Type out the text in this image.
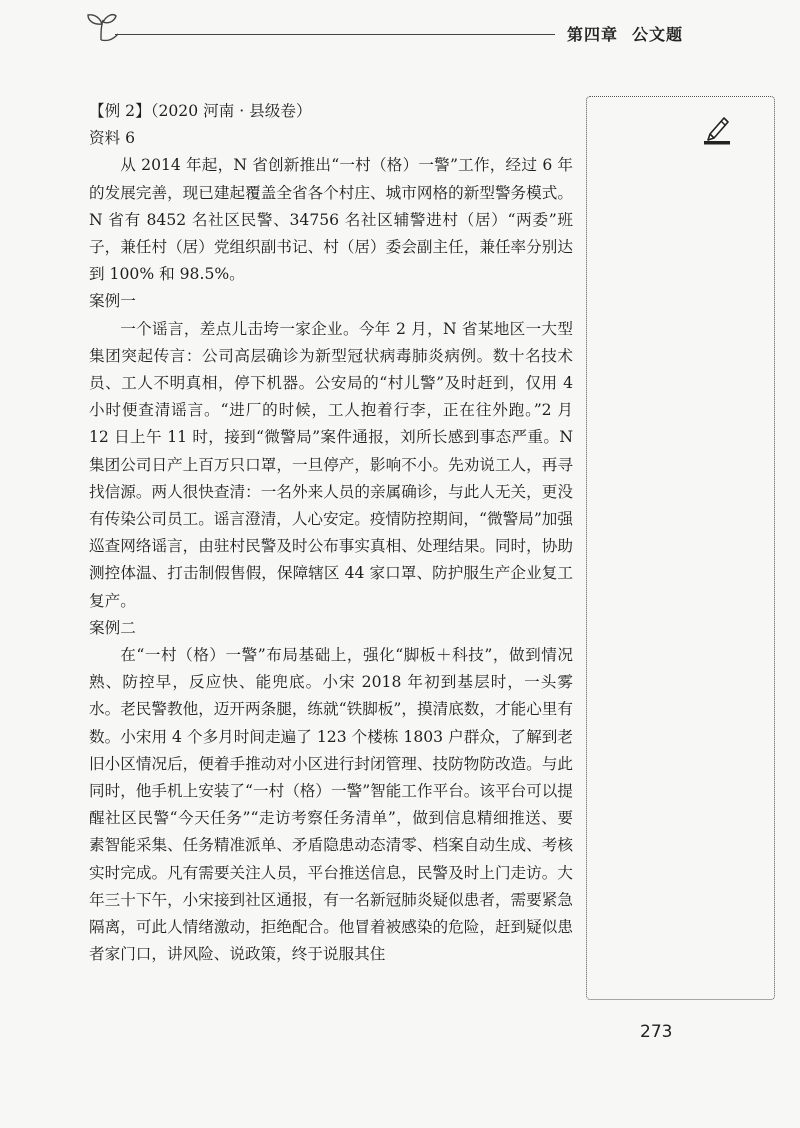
第四章 公文题

【例 2】（2020 河南 · 县级卷）

资料 6

从 2014 年起，N 省创新推出“一村（格）一警”工作，经过 6 年的发展完善，现已建起覆盖全省各个村庄、城市网格的新型警务模式。N 省有 8452 名社区民警、34756 名社区辅警进村（居）“两委”班子，兼任村（居）党组织副书记、村（居）委会副主任，兼任率分别达到 100% 和 98.5%。

案例一

一个谣言，差点儿击垮一家企业。今年 2 月，N 省某地区一大型集团突起传言：公司高层确诊为新型冠状病毒肺炎病例。数十名技术员、工人不明真相，停下机器。公安局的“村儿警”及时赶到，仅用 4 小时便查清谣言。“进厂的时候，工人抱着行李，正在往外跑。”2 月 12 日上午 11 时，接到“微警局”案件通报，刘所长感到事态严重。N 集团公司日产上百万只口罩，一旦停产，影响不小。先劝说工人，再寻找信源。两人很快查清：一名外来人员的亲属确诊，与此人无关，更没有传染公司员工。谣言澄清，人心安定。疫情防控期间，“微警局”加强巡查网络谣言，由驻村民警及时公布事实真相、处理结果。同时，协助测控体温、打击制假售假，保障辖区 44 家口罩、防护服生产企业复工复产。

案例二

在“一村（格）一警”布局基础上，强化“脚板＋科技”，做到情况熟、防控早，反应快、能兜底。小宋 2018 年初到基层时，一头雾水。老民警教他，迈开两条腿，练就“铁脚板”，摸清底数，才能心里有数。小宋用 4 个多月时间走遍了 123 个楼栋 1803 户群众，了解到老旧小区情况后，便着手推动对小区进行封闭管理、技防物防改造。与此同时，他手机上安装了“一村（格）一警”智能工作平台。该平台可以提醒社区民警“今天任务”“走访考察任务清单”，做到信息精细推送、要素智能采集、任务精准派单、矛盾隐患动态清零、档案自动生成、考核实时完成。凡有需要关注人员，平台推送信息，民警及时上门走访。大年三十下午，小宋接到社区通报，有一名新冠肺炎疑似患者，需要紧急隔离，可此人情绪激动，拒绝配合。他冒着被感染的危险，赶到疑似患者家门口，讲风险、说政策，终于说服其住

273
